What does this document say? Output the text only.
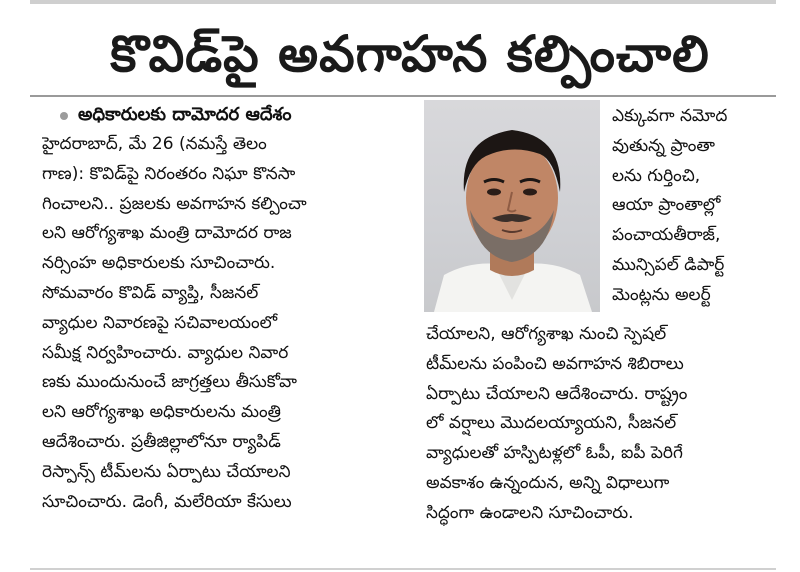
కొవిడ్‌పై అవగాహన కల్పించాలి
అధికారులకు దామోదర ఆదేశం
హైదరాబాద్, మే 26 (నమస్తే తెలం
గాణ): కొవిడ్‌పై నిరంతరం నిఘా కొనసా
గించాలని.. ప్రజలకు అవగాహన కల్పించా
లని ఆరోగ్యశాఖ మంత్రి దామోదర రాజ
నర్సింహ అధికారులకు సూచించారు.
సోమవారం కొవిడ్ వ్యాప్తి, సీజనల్
వ్యాధుల నివారణపై సచివాలయంలో
సమీక్ష నిర్వహించారు. వ్యాధుల నివార
ణకు ముందునుంచే జాగ్రత్తలు తీసుకోవా
లని ఆరోగ్యశాఖ అధికారులను మంత్రి
ఆదేశించారు. ప్రతీజిల్లాలోనూ ర్యాపిడ్
రెస్పాన్స్ టీమ్‌లను ఏర్పాటు చేయాలని
సూచించారు. డెంగీ, మలేరియా కేసులు
ఎక్కువగా నమోద
వుతున్న ప్రాంతా
లను గుర్తించి,
ఆయా ప్రాంతాల్లో
పంచాయతీరాజ్,
మున్సిపల్ డిపార్ట్
మెంట్లను అలర్ట్
చేయాలని, ఆరోగ్యశాఖ నుంచి స్పెషల్
టీమ్‌లను పంపించి అవగాహన శిబిరాలు
ఏర్పాటు చేయాలని ఆదేశించారు. రాష్ట్రం
లో వర్షాలు మొదలయ్యాయని, సీజనల్
వ్యాధులతో హస్పిటళ్లలో ఓపీ, ఐపీ పెరిగే
అవకాశం ఉన్నందున, అన్ని విధాలుగా
సిద్ధంగా ఉండాలని సూచించారు.
